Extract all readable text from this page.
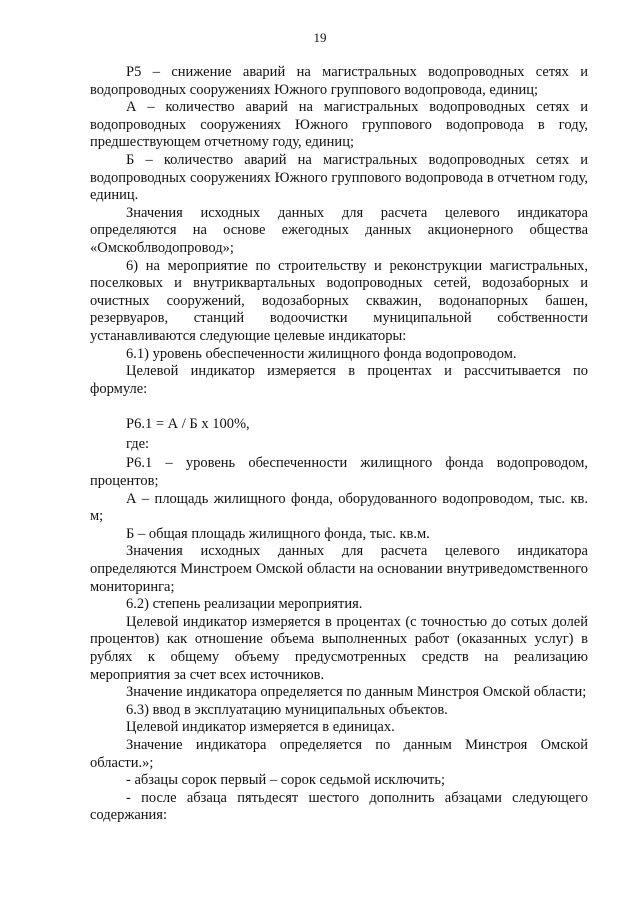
19

Р5 – снижение аварий на магистральных водопроводных сетях и водопроводных сооружениях Южного группового водопровода, единиц;

А – количество аварий на магистральных водопроводных сетях и водопроводных сооружениях Южного группового водопровода в году, предшествующем отчетному году, единиц;

Б – количество аварий на магистральных водопроводных сетях и водопроводных сооружениях Южного группового водопровода в отчетном году, единиц.

Значения исходных данных для расчета целевого индикатора определяются на основе ежегодных данных акционерного общества «Омскоблводопровод»;

6) на мероприятие по строительству и реконструкции магистральных, поселковых и внутриквартальных водопроводных сетей, водозаборных и очистных сооружений, водозаборных скважин, водонапорных башен, резервуаров, станций водоочистки муниципальной собственности устанавливаются следующие целевые индикаторы:

6.1) уровень обеспеченности жилищного фонда водопроводом.

Целевой индикатор измеряется в процентах и рассчитывается по формуле:

Р6.1 = А / Б х 100%,

где:

Р6.1 – уровень обеспеченности жилищного фонда водопроводом, процентов;

А – площадь жилищного фонда, оборудованного водопроводом, тыс. кв. м;

Б – общая площадь жилищного фонда, тыс. кв.м.

Значения исходных данных для расчета целевого индикатора определяются Минстроем Омской области на основании внутриведомственного мониторинга;

6.2) степень реализации мероприятия.

Целевой индикатор измеряется в процентах (с точностью до сотых долей процентов) как отношение объема выполненных работ (оказанных услуг) в рублях к общему объему предусмотренных средств на реализацию мероприятия за счет всех источников.

Значение индикатора определяется по данным Минстроя Омской области;

6.3) ввод в эксплуатацию муниципальных объектов.

Целевой индикатор измеряется в единицах.

Значение индикатора определяется по данным Минстроя Омской области.»;

- абзацы сорок первый – сорок седьмой исключить;

- после абзаца пятьдесят шестого дополнить абзацами следующего содержания:
